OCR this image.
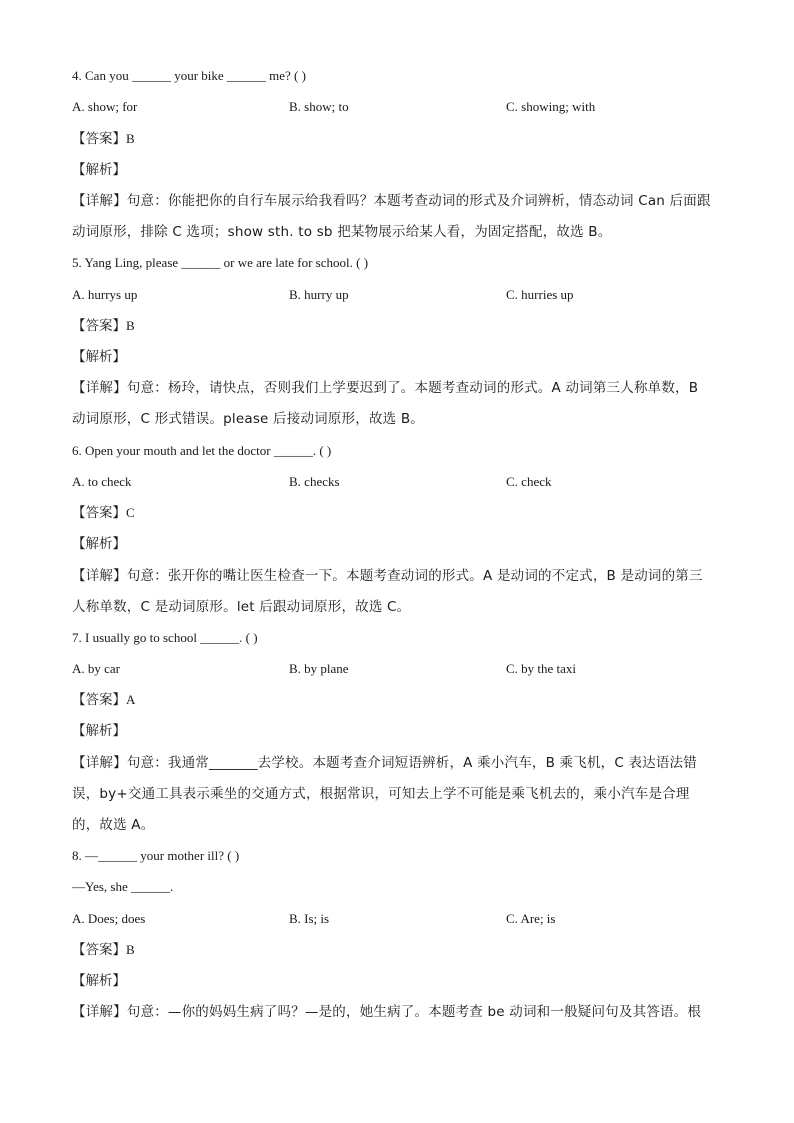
4. Can you ______ your bike ______ me? ( )
A. show; for	B. show; to	C. showing; with
【答案】B
【解析】
【详解】句意：你能把你的自行车展示给我看吗？本题考查动词的形式及介词辨析，情态动词 Can 后面跟
动词原形，排除 C 选项；show sth. to sb 把某物展示给某人看，为固定搭配，故选 B。
5. Yang Ling, please ______ or we are late for school. ( )
A. hurrys up	B. hurry up	C. hurries up
【答案】B
【解析】
【详解】句意：杨玲，请快点，否则我们上学要迟到了。本题考查动词的形式。A 动词第三人称单数，B
动词原形，C 形式错误。please 后接动词原形，故选 B。
6. Open your mouth and let the doctor ______. ( )
A. to check	B. checks	C. check
【答案】C
【解析】
【详解】句意：张开你的嘴让医生检查一下。本题考查动词的形式。A 是动词的不定式，B 是动词的第三
人称单数，C 是动词原形。let 后跟动词原形，故选 C。
7. I usually go to school ______. ( )
A. by car	B. by plane	C. by the taxi
【答案】A
【解析】
【详解】句意：我通常_______去学校。本题考查介词短语辨析，A 乘小汽车，B 乘飞机，C 表达语法错
误，by+交通工具表示乘坐的交通方式，根据常识，可知去上学不可能是乘飞机去的，乘小汽车是合理
的，故选 A。
8. —______ your mother ill? ( )
—Yes, she ______.
A. Does; does	B. Is; is	C. Are; is
【答案】B
【解析】
【详解】句意：—你的妈妈生病了吗？—是的，她生病了。本题考查 be 动词和一般疑问句及其答语。根
